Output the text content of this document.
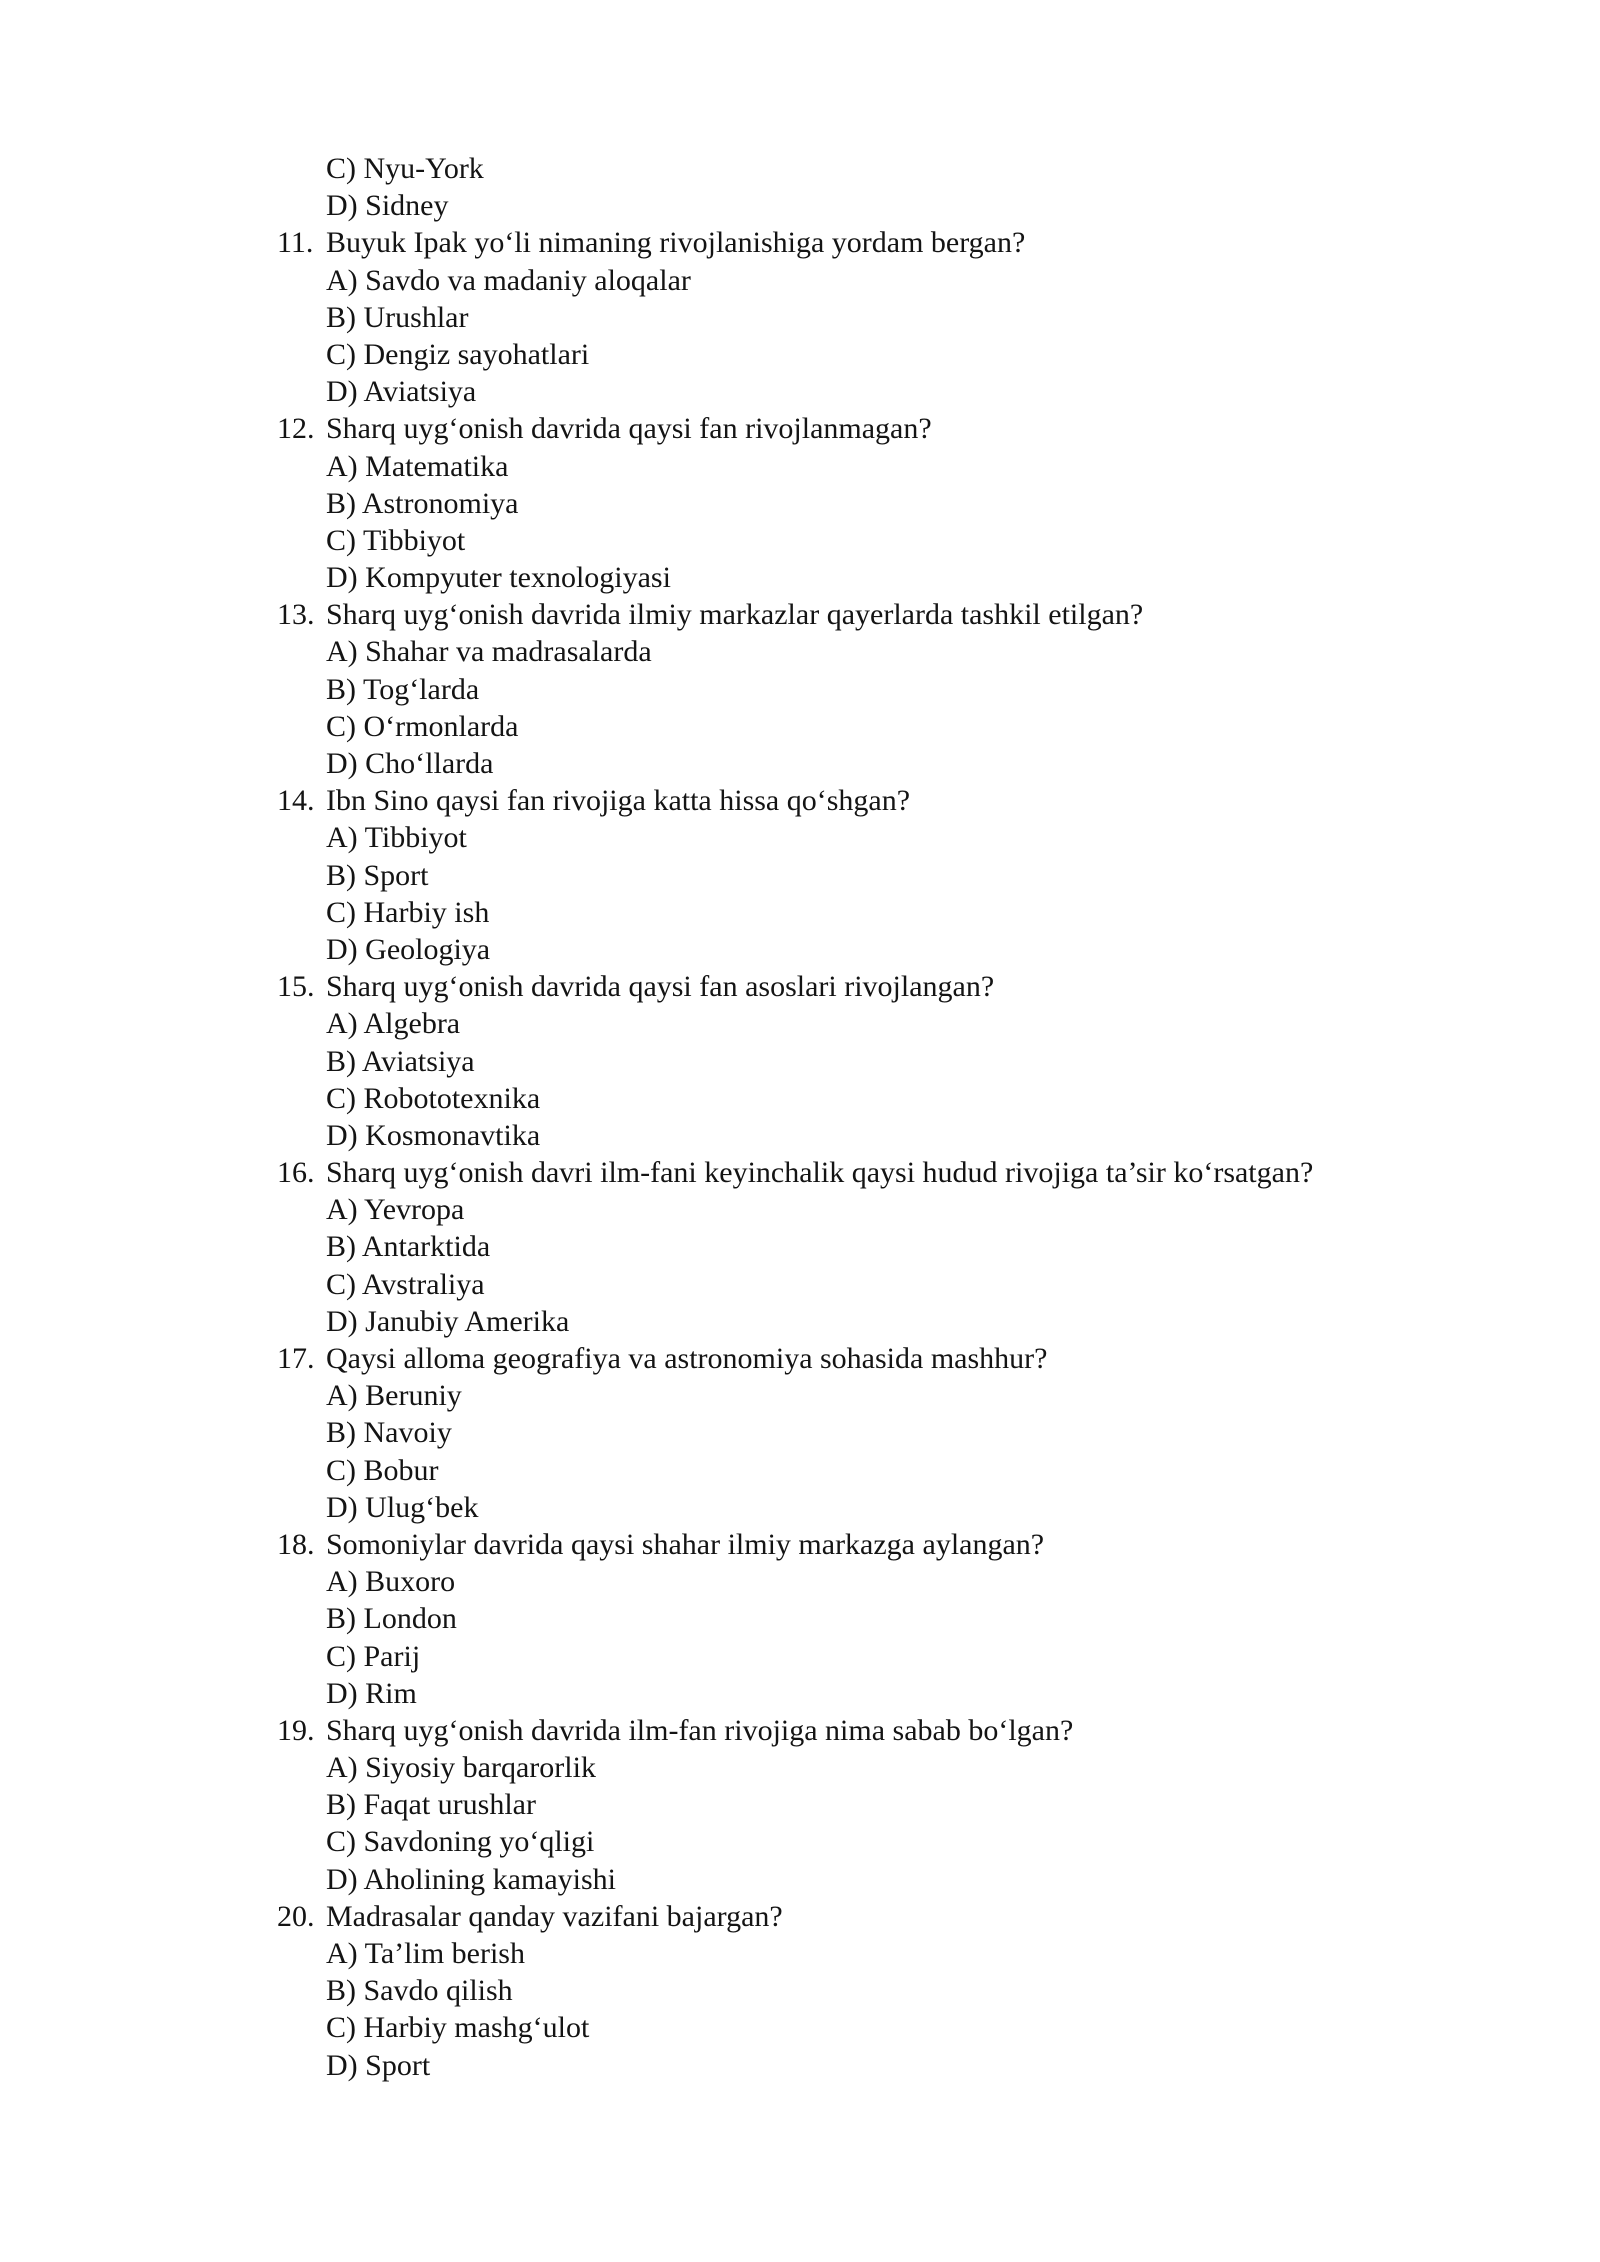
C) Nyu-York
D) Sidney
11. Buyuk Ipak yo‘li nimaning rivojlanishiga yordam bergan?
A) Savdo va madaniy aloqalar
B) Urushlar
C) Dengiz sayohatlari
D) Aviatsiya
12. Sharq uyg‘onish davrida qaysi fan rivojlanmagan?
A) Matematika
B) Astronomiya
C) Tibbiyot
D) Kompyuter texnologiyasi
13. Sharq uyg‘onish davrida ilmiy markazlar qayerlarda tashkil etilgan?
A) Shahar va madrasalarda
B) Tog‘larda
C) O‘rmonlarda
D) Cho‘llarda
14. Ibn Sino qaysi fan rivojiga katta hissa qo‘shgan?
A) Tibbiyot
B) Sport
C) Harbiy ish
D) Geologiya
15. Sharq uyg‘onish davrida qaysi fan asoslari rivojlangan?
A) Algebra
B) Aviatsiya
C) Robototexnika
D) Kosmonavtika
16. Sharq uyg‘onish davri ilm-fani keyinchalik qaysi hudud rivojiga ta’sir ko‘rsatgan?
A) Yevropa
B) Antarktida
C) Avstraliya
D) Janubiy Amerika
17. Qaysi alloma geografiya va astronomiya sohasida mashhur?
A) Beruniy
B) Navoiy
C) Bobur
D) Ulug‘bek
18. Somoniylar davrida qaysi shahar ilmiy markazga aylangan?
A) Buxoro
B) London
C) Parij
D) Rim
19. Sharq uyg‘onish davrida ilm-fan rivojiga nima sabab bo‘lgan?
A) Siyosiy barqarorlik
B) Faqat urushlar
C) Savdoning yo‘qligi
D) Aholining kamayishi
20. Madrasalar qanday vazifani bajargan?
A) Ta’lim berish
B) Savdo qilish
C) Harbiy mashg‘ulot
D) Sport
